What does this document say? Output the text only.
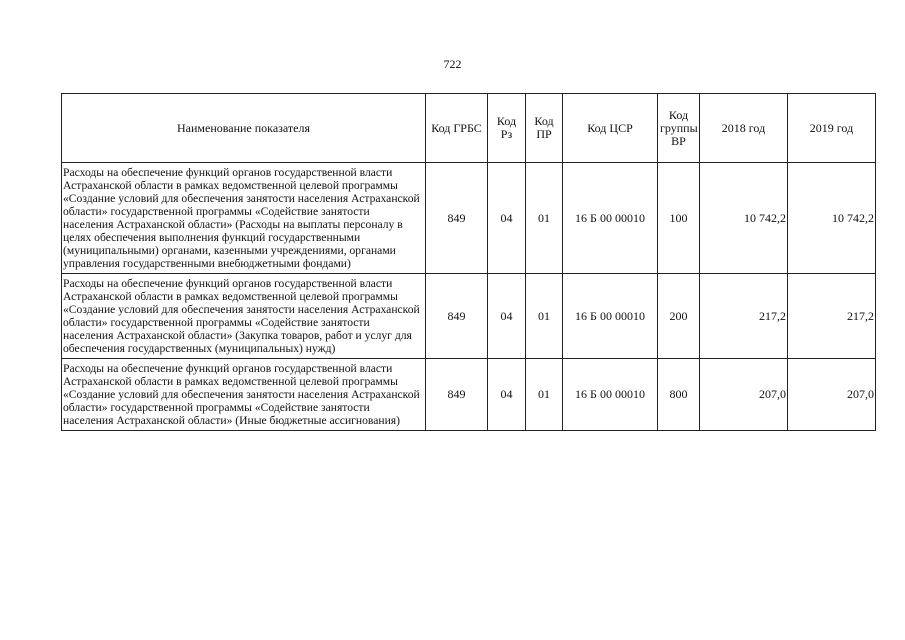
722
Наименование показателя	Код ГРБС	Код Рз	Код ПР	Код ЦСР	Код группы ВР	2018 год	2019 год
Расходы на обеспечение функций органов государственной власти Астраханской области в рамках ведомственной целевой программы «Создание условий для обеспечения занятости населения Астраханской области» государственной программы «Содействие занятости населения Астраханской области» (Расходы на выплаты персоналу в целях обеспечения выполнения функций государственными (муниципальными) органами, казенными учреждениями, органами управления государственными внебюджетными фондами)	849	04	01	16 Б 00 00010	100	10 742,2	10 742,2
Расходы на обеспечение функций органов государственной власти Астраханской области в рамках ведомственной целевой программы «Создание условий для обеспечения занятости населения Астраханской области» государственной программы «Содействие занятости населения Астраханской области» (Закупка товаров, работ и услуг для обеспечения государственных (муниципальных) нужд)	849	04	01	16 Б 00 00010	200	217,2	217,2
Расходы на обеспечение функций органов государственной власти Астраханской области в рамках ведомственной целевой программы «Создание условий для обеспечения занятости населения Астраханской области» государственной программы «Содействие занятости населения Астраханской области» (Иные бюджетные ассигнования)	849	04	01	16 Б 00 00010	800	207,0	207,0
